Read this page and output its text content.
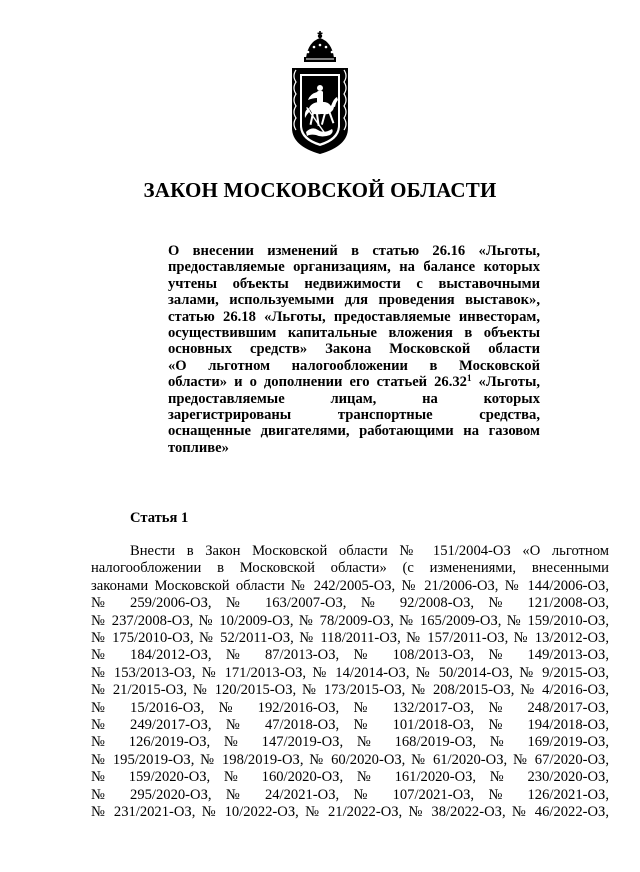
ЗАКОН МОСКОВСКОЙ ОБЛАСТИ
О внесении изменений в статью 26.16 «Льготы,
предоставляемые организациям, на балансе которых
учтены объекты недвижимости с выставочными
залами, используемыми для проведения выставок»,
статью 26.18 «Льготы, предоставляемые инвесторам,
осуществившим капитальные вложения в объекты
основных средств» Закона Московской области
«О льготном налогообложении в Московской
области» и о дополнении его статьей 26.32$^1$ «Льготы,
предоставляемые лицам, на которых
зарегистрированы транспортные средства,
оснащенные двигателями, работающими на газовом
топливе»
Статья 1
Внести в Закон Московской области № 151/2004-ОЗ «О льготном
налогообложении в Московской области» (с изменениями, внесенными
законами Московской области № 242/2005-ОЗ, № 21/2006-ОЗ, № 144/2006-ОЗ,
№ 259/2006-ОЗ, № 163/2007-ОЗ, № 92/2008-ОЗ, № 121/2008-ОЗ,
№ 237/2008-ОЗ, № 10/2009-ОЗ, № 78/2009-ОЗ, № 165/2009-ОЗ, № 159/2010-ОЗ,
№ 175/2010-ОЗ, № 52/2011-ОЗ, № 118/2011-ОЗ, № 157/2011-ОЗ, № 13/2012-ОЗ,
№ 184/2012-ОЗ, № 87/2013-ОЗ, № 108/2013-ОЗ, № 149/2013-ОЗ,
№ 153/2013-ОЗ, № 171/2013-ОЗ, № 14/2014-ОЗ, № 50/2014-ОЗ, № 9/2015-ОЗ,
№ 21/2015-ОЗ, № 120/2015-ОЗ, № 173/2015-ОЗ, № 208/2015-ОЗ, № 4/2016-ОЗ,
№ 15/2016-ОЗ, № 192/2016-ОЗ, № 132/2017-ОЗ, № 248/2017-ОЗ,
№ 249/2017-ОЗ, № 47/2018-ОЗ, № 101/2018-ОЗ, № 194/2018-ОЗ,
№ 126/2019-ОЗ, № 147/2019-ОЗ, № 168/2019-ОЗ, № 169/2019-ОЗ,
№ 195/2019-ОЗ, № 198/2019-ОЗ, № 60/2020-ОЗ, № 61/2020-ОЗ, № 67/2020-ОЗ,
№ 159/2020-ОЗ, № 160/2020-ОЗ, № 161/2020-ОЗ, № 230/2020-ОЗ,
№ 295/2020-ОЗ, № 24/2021-ОЗ, № 107/2021-ОЗ, № 126/2021-ОЗ,
№ 231/2021-ОЗ, № 10/2022-ОЗ, № 21/2022-ОЗ, № 38/2022-ОЗ, № 46/2022-ОЗ,
